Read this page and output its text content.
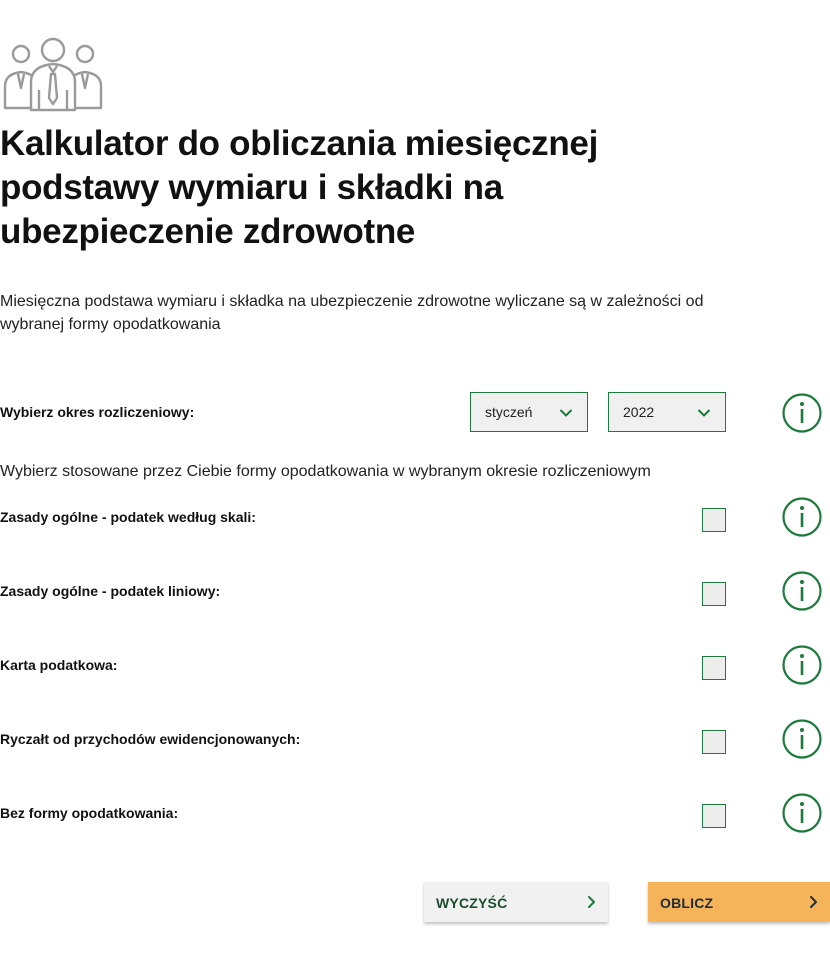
Kalkulator do obliczania miesięcznej podstawy wymiaru i składki na ubezpieczenie zdrowotne

Miesięczna podstawa wymiaru i składka na ubezpieczenie zdrowotne wyliczane są w zależności od wybranej formy opodatkowania

Wybierz okres rozliczeniowy:	styczeń	2022

Wybierz stosowane przez Ciebie formy opodatkowania w wybranym okresie rozliczeniowym

Zasady ogólne - podatek według skali:
Zasady ogólne - podatek liniowy:
Karta podatkowa:
Ryczałt od przychodów ewidencjonowanych:
Bez formy opodatkowania:
WYCZYŚĆ	OBLICZ
